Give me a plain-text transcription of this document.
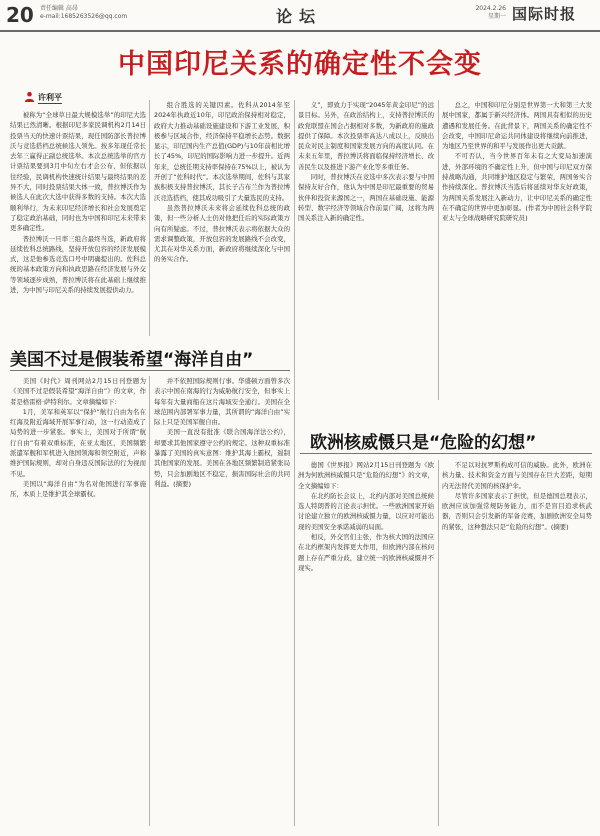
20 责任编辑 高昂
e-mail:1685263526@qq.com	论坛	2024.2.26
星期一 国际时报
中国印尼关系的确定性不会变
许利平

被称为“全球草日最大规模选举”的印尼大选结果已然清晰。根据印尼多家民调机构2月14日投票当天的快速计票结果，现任国防部长普拉博沃与竞选搭档总统候选人领先。按多年现任常长去年三赢得正副总统选举。本次总统选举的官方计票结果要到3月中旬左右才会公布，但依据以往经验，民调机构快速统计结果与最终结果的差异不大，同时投票结果大体一致，普拉博沃作为候选人在此次大选中获得多数的支持。本次大选顺利举行，为未来印尼经济增长和社会发展奠定了稳定政治基础，同时也为中国和印尼未来带来更多确定性。

普拉博沃一旦率三组合最终当选，新政府将延续佐科总统路线，坚持开放包容的经济发展模式，这是他参选竞选口号中明确提出的。佐科总统的基本政策方向和执政思路在经济发展与外交等领域逐步成熟，普拉博沃将在此基础上继续推进，为中国与印尼关系的持续发展提供动力。

组合胜选的关键因素。佐科从2014年至2024年执政近10年，印尼政治保持相对稳定，政府大力推动基础设施建设和下游工业发展，积极参与区域合作，经济保持平稳增长态势。数据显示，印尼国内生产总值(GDP)与10年前相比增长了45%，印尼的国际影响力进一步提升。近两年来，总统任期支持率保持在75%以上，被认为开创了“佐科时代”。本次选举期间，佐科与其家族积极支持普拉博沃，其长子吉布兰作为普拉博沃竞选搭档，使其成功吸引了大量选民的支持。

虽然普拉博沃未来将会延续佐科总统的政策，但一些分析人士仍对他把任后的实际政策方向有所疑虑。不过，普拉博沃表示将依据大众的需求调整政策，开放包容的发展路线不会改变，尤其在对华关系方面，新政府将继续深化与中国的务实合作。

义”，即致力于实现“2045年黄金印尼”的远景目标。另外，在政治结构上，支持普拉博沃的政党联盟在国会占据相对多数，为新政府的施政提供了保障。本次投票率高达八成以上，反映出民众对民主制度和国家发展方向的高度认同。在未来五年里，普拉博沃将面临保持经济增长、改善民生以及推进下游产业化等多重任务。

同时，普拉博沃在竞选中多次表示要与中国保持友好合作，他认为中国是印尼最重要的贸易伙伴和投资来源国之一，两国在基础设施、能源转型、数字经济等领域合作前景广阔，这将为两国关系注入新的确定性。

总之，中国和印尼分别是世界第一大和第三大发展中国家，都属于新兴经济体。两国具有相似的历史遭遇和发展任务。在此背景下，两国关系的确定性不会改变，中国印尼命运共同体建设将继续向前推进，为地区乃至世界的和平与发展作出更大贡献。

不可否认，当今世界百年未有之大变局加速演进，外部环境的不确定性上升，但中国与印尼双方保持战略沟通，共同维护地区稳定与繁荣，两国务实合作持续深化。普拉博沃当选后将延续对华友好政策，为两国关系发展注入新动力，让中印尼关系的确定性在不确定的世界中更加彰显。(作者为中国社会科学院亚太与全球战略研究院研究员)

美国不过是假装希望“海洋自由”

美国《时代》周刊网站2月15日刊登题为《美国不过是假装希望“海洋自由”》的文章，作者是格雷格·萨特利尔。文章摘编如下：

1月，美军和英军以“保护”航行自由为名在红海及附近海域开展军事行动，这一行动造成了局势的进一步紧张。事实上，美国对于所谓“航行自由”有着双重标准，在亚太地区，美国频繁派遣军舰和军机进入他国领海和领空附近，声称维护国际规则，却对自身违反国际法的行为视而不见。

美国以“海洋自由”为名对他国进行军事施压，本质上是维护其全球霸权。

并不依照国际规则行事。华盛顿方面曾多次表示中国在南海的行为威胁航行安全，但事实上每年有大量商船在这片海域安全通行。美国在全球范围内部署军事力量，其所谓的“海洋自由”实际上只是美国军舰自由。

美国一直没有批准《联合国海洋法公约》，却要求其他国家遵守公约的规定。这种双重标准暴露了美国的真实意图：维护其海上霸权，遏制其他国家的发展。美国在各地区频繁制造紧张局势，只会加剧地区不稳定，损害国际社会的共同利益。(摘要)

欧洲核威慑只是“危险的幻想”

德国《世界报》网站2月15日刊登题为《欧洲为何欧洲核威慑只是“危险的幻想”》的文章，全文摘编如下：

在北约防长会议上，北约内部对美国总统候选人特朗普的言论表示担忧。一些欧洲国家开始讨论建立独立的欧洲核威慑力量，以应对可能出现的美国安全承诺减弱的局面。

相反，外交官们主张，作为核大国的法国应在北约框架内发挥更大作用，但欧洲内部在核问题上存在严重分歧，建立统一的欧洲核威慑并不现实。

不足以对抗罗斯构成可信的威胁。此外，欧洲在核力量、技术和资金方面与美国存在巨大差距，短期内无法替代美国的核保护伞。

尽管许多国家表示了担忧，但是德国总理表示，欧洲应该加强常规防务能力，而不是盲目追求核武器，否则只会引发新的军备竞赛，加剧欧洲安全局势的紧张，这种想法只是“危险的幻想”。(摘要)
